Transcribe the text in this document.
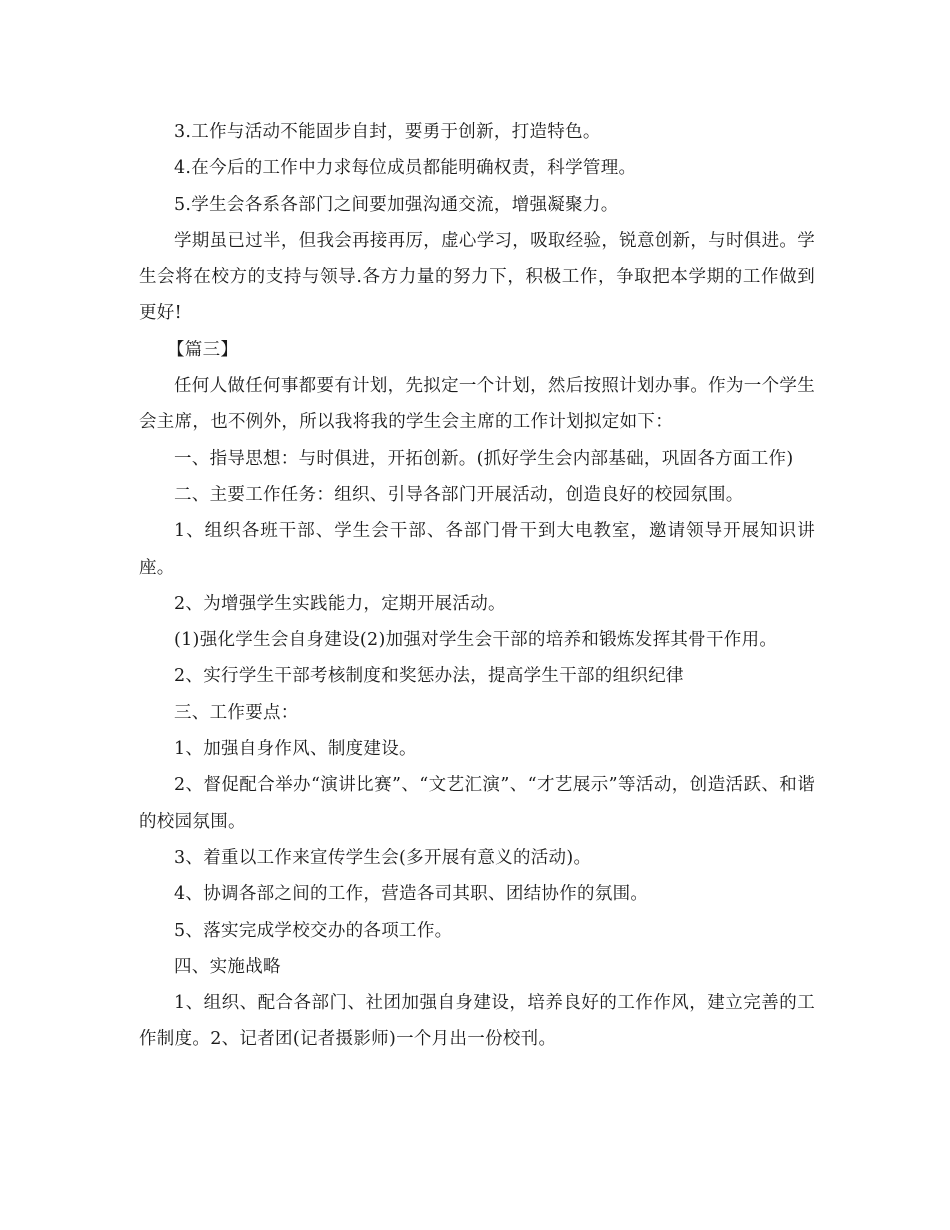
3.工作与活动不能固步自封，要勇于创新，打造特色。

4.在今后的工作中力求每位成员都能明确权责，科学管理。

5.学生会各系各部门之间要加强沟通交流，增强凝聚力。

学期虽已过半，但我会再接再厉，虚心学习，吸取经验，锐意创新，与时俱进。学生会将在校方的支持与领导.各方力量的努力下，积极工作，争取把本学期的工作做到更好!

【篇三】

任何人做任何事都要有计划，先拟定一个计划，然后按照计划办事。作为一个学生会主席，也不例外，所以我将我的学生会主席的工作计划拟定如下：

一、指导思想：与时俱进，开拓创新。(抓好学生会内部基础，巩固各方面工作)

二、主要工作任务：组织、引导各部门开展活动，创造良好的校园氛围。

1、组织各班干部、学生会干部、各部门骨干到大电教室，邀请领导开展知识讲座。

2、为增强学生实践能力，定期开展活动。

(1)强化学生会自身建设(2)加强对学生会干部的培养和锻炼发挥其骨干作用。

2、实行学生干部考核制度和奖惩办法，提高学生干部的组织纪律

三、工作要点：

1、加强自身作风、制度建设。

2、督促配合举办“演讲比赛”、“文艺汇演”、“才艺展示”等活动，创造活跃、和谐的校园氛围。

3、着重以工作来宣传学生会(多开展有意义的活动)。

4、协调各部之间的工作，营造各司其职、团结协作的氛围。

5、落实完成学校交办的各项工作。

四、实施战略

1、组织、配合各部门、社团加强自身建设，培养良好的工作作风，建立完善的工作制度。2、记者团(记者摄影师)一个月出一份校刊。
